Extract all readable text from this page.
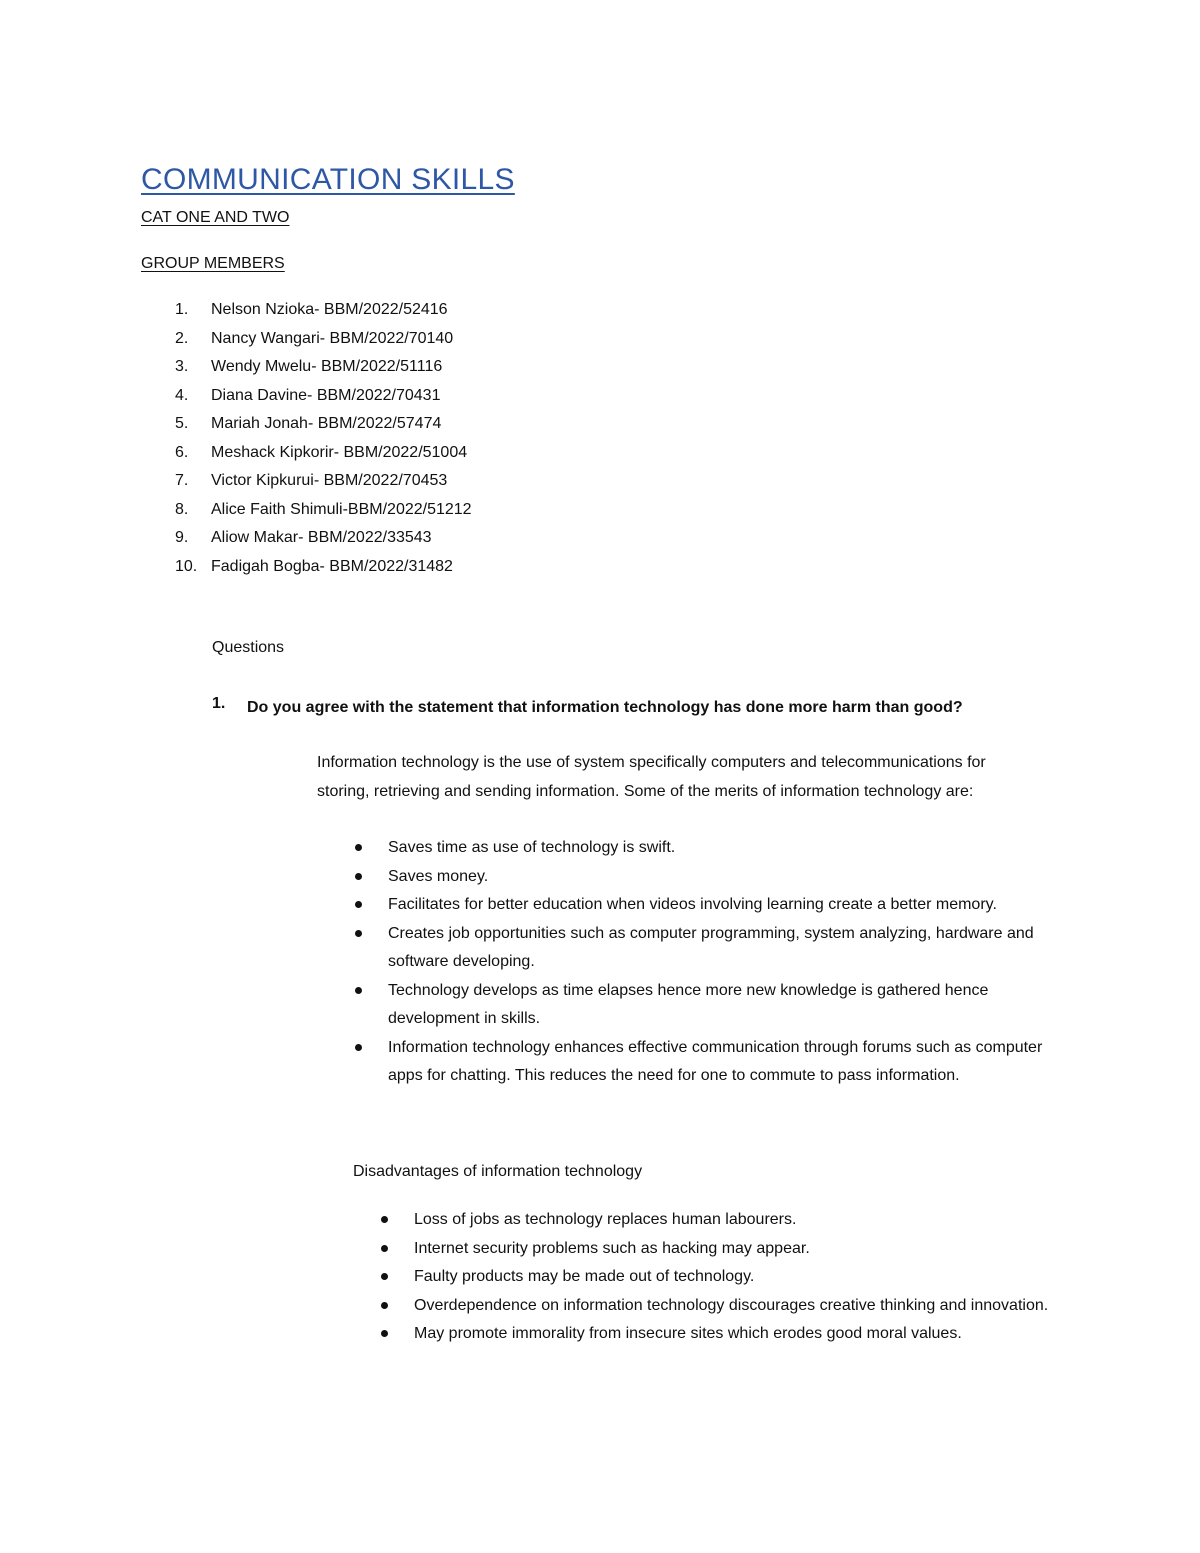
COMMUNICATION SKILLS
CAT ONE AND TWO
GROUP MEMBERS
1. Nelson Nzioka- BBM/2022/52416
2. Nancy Wangari- BBM/2022/70140
3. Wendy Mwelu- BBM/2022/51116
4. Diana Davine- BBM/2022/70431
5. Mariah Jonah- BBM/2022/57474
6. Meshack Kipkorir- BBM/2022/51004
7. Victor Kipkurui- BBM/2022/70453
8. Alice Faith Shimuli-BBM/2022/51212
9. Aliow Makar- BBM/2022/33543
10. Fadigah Bogba- BBM/2022/31482
Questions
1. Do you agree with the statement that information technology has done more harm than good?
Information technology is the use of system specifically computers and telecommunications for storing, retrieving and sending information. Some of the merits of information technology are:
Saves time as use of technology is swift.
Saves money.
Facilitates for better education when videos involving learning create a better memory.
Creates job opportunities such as computer programming, system analyzing, hardware and software developing.
Technology develops as time elapses hence more new knowledge is gathered hence development in skills.
Information technology enhances effective communication through forums such as computer apps for chatting. This reduces the need for one to commute to pass information.
Disadvantages of information technology
Loss of jobs as technology replaces human labourers.
Internet security problems such as hacking may appear.
Faulty products may be made out of technology.
Overdependence on information technology discourages creative thinking and innovation.
May promote immorality from insecure sites which erodes good moral values.
